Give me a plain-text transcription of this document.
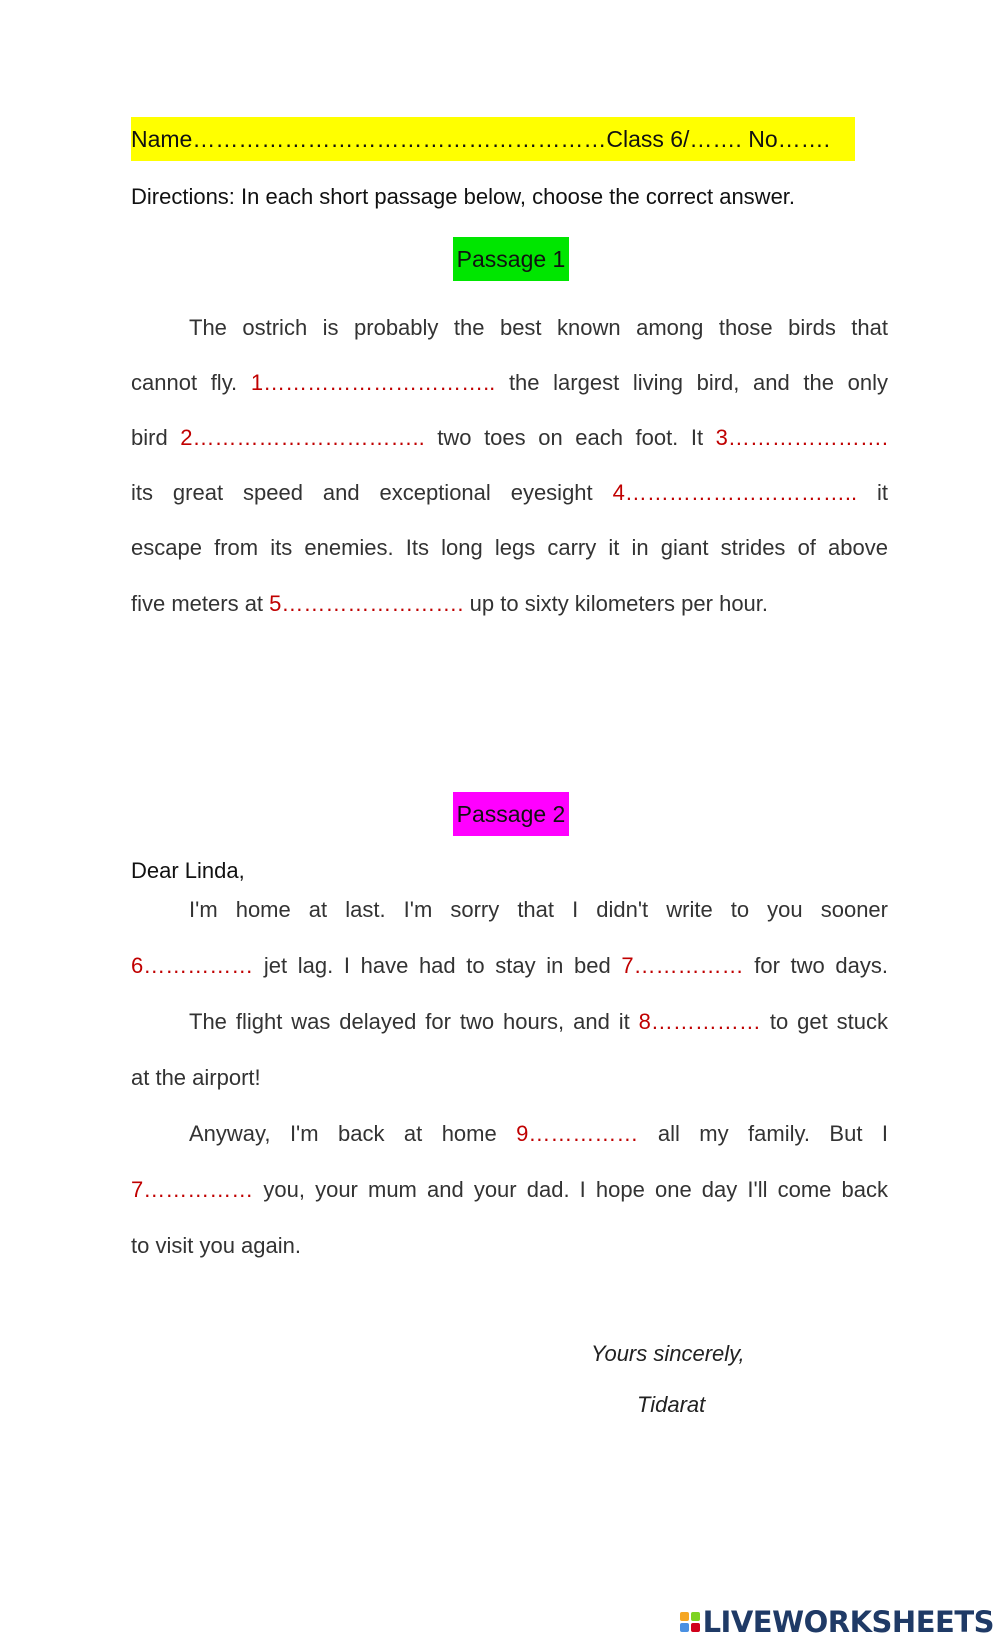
Name………………………………………………Class 6/……. No…….
Directions: In each short passage below, choose the correct answer.
Passage 1
The ostrich is probably the best known among those birds that
cannot fly. 1………………………….. the largest living bird, and the only
bird 2………………………….. two toes on each foot. It 3………………….
its great speed and exceptional eyesight 4………………………….. it
escape from its enemies. Its long legs carry it in giant strides of above
five meters at 5……………………. up to sixty kilometers per hour.
Passage 2
Dear Linda,
I'm home at last. I'm sorry that I didn't write to you sooner
6…………… jet lag. I have had to stay in bed 7…………… for two days.
The flight was delayed for two hours, and it 8…………… to get stuck
at the airport!
Anyway, I'm back at home 9…………… all my family. But I
7…………… you, your mum and your dad. I hope one day I'll come back
to visit you again.
Yours sincerely,
Tidarat
LIVEWORKSHEETS
